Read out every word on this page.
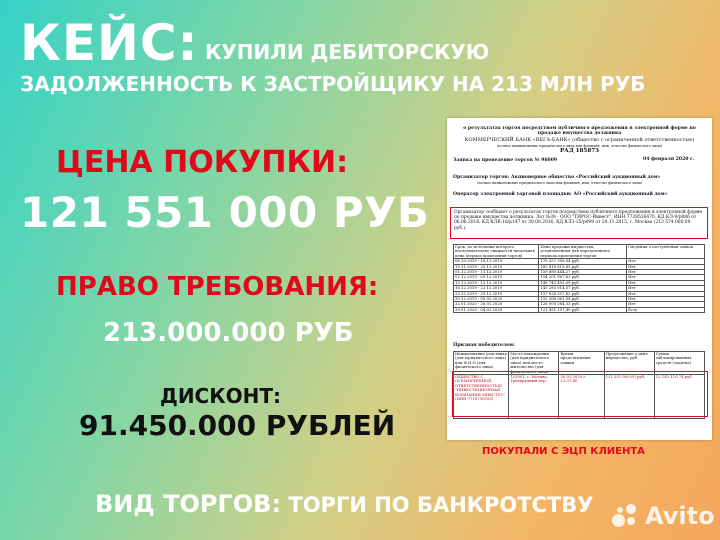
КЕЙС: КУПИЛИ ДЕБИТОРСКУЮ
ЗАДОЛЖЕННОСТЬ К ЗАСТРОЙЩИКУ НА 213 МЛН РУБ
ЦЕНА ПОКУПКИ:
121 551 000 РУБ
ПРАВО ТРЕБОВАНИЯ:
213.000.000 РУБ
ДИСКОНТ:
91.450.000 РУБЛЕЙ
ВИД ТОРГОВ: ТОРГИ ПО БАНКРОТСТВУ
о результатах торгов посредством публичного предложения в электронной форме по продаже имущества должника
КОММЕРЧЕСКИЙ БАНК «ВЕГА-БАНК» (общество с ограниченной ответственностью)
(полное наименование юридического лица или фамилия, имя, отчество физического лица)
РАД 185873
04 февраля 2020 г.
Заявка на проведение торгов № 96009
Организатор торгов: Акционерное общество «Российский аукционный дом»
(полное наименование юридического лица или фамилия, имя, отчество физического лица)
Оператор электронной торговой площадки: АО «Российский аукционный дом»
Организатор сообщает о результатах торгов посредством публичного предложения в электронной форме по продаже имущества должника. Лот №38 - ООО "ТИРОС-Инвест", ИНН 7729516470, КД КЛ-9/р086 от 06.06.2016, КД КЛВ-16/р147 от 30.08.2016, КД КЛЗ-15/р099 от 24.11.2015, г. Москва (213 574 000,00 руб.).
Срок, по истечении которого последовательно снижается начальная цена (период проведения торгов)	Цена продажи имущества, установленная для определенного периода проведения торгов	Сведения о поступлении заявок
08.10.2019 - 18.11.2019	170 357 398,04 руб.	Нет
19.11.2019 - 25.11.2019	165 418 615,85 руб.	Нет
01.12.2019 - 11.12.2019	159 880 444,27 руб.	Нет
02.12.2019 - 09.12.2019	154 201 967,83 руб.	Нет
13.12.2019 - 15.12.2019	148 743 491,09 руб.	Нет
16.12.2019 - 22.12.2019	143 285 014,57 руб.	Нет
23.12.2019 - 29.12.2019	137 826 537,82 руб.	Нет
30.12.2019 - 05.01.2020	132 368 061,08 руб.	Нет
22.01.2020 - 28.01.2020	126 909 584,33 руб.	Нет
29.01.2020 - 04.02.2020	121 451 107,40 руб.	Есть
Признан победителем:
Наименование участника (для юридического лица) или Ф.И.О.(для физического лица)	Место нахождения (для юридического лица) или место жительства (для физического лица)	Время представления заявки	Предложение о цене имущества, руб.	Сумма заблокированных средств (задатка)
ОБЩЕСТВО С ОГРАНИЧЕННОЙ ОТВЕТСТВЕННОСТЬЮ "ИНВЕСТИЦИОННАЯ КОМПАНИЯ МИКСТУС" (ИНН 7710730593)	123001, г. Москва, Трёхпрудный пер.	30.01.2020 г. 13:37:40	121 551 000,00 руб.	12 145 110,74 руб.
ПОКУПАЛИ С ЭЦП КЛИЕНТА
Avito
